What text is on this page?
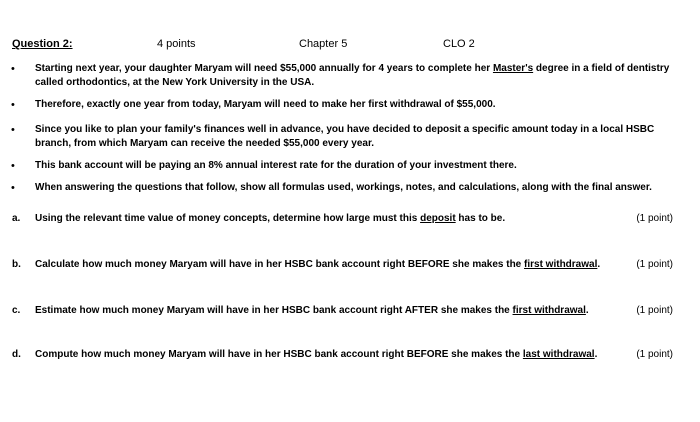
Question 2:	4 points	Chapter 5	CLO 2
• Starting next year, your daughter Maryam will need $55,000 annually for 4 years to complete her Master's degree in a field of dentistry called orthodontics, at the New York University in the USA.
• Therefore, exactly one year from today, Maryam will need to make her first withdrawal of $55,000.
• Since you like to plan your family's finances well in advance, you have decided to deposit a specific amount today in a local HSBC branch, from which Maryam can receive the needed $55,000 every year.
• This bank account will be paying an 8% annual interest rate for the duration of your investment there.
• When answering the questions that follow, show all formulas used, workings, notes, and calculations, along with the final answer.
a. Using the relevant time value of money concepts, determine how large must this deposit has to be.	(1 point)
b. Calculate how much money Maryam will have in her HSBC bank account right BEFORE she makes the first withdrawal.	(1 point)
c. Estimate how much money Maryam will have in her HSBC bank account right AFTER she makes the first withdrawal.	(1 point)
d. Compute how much money Maryam will have in her HSBC bank account right BEFORE she makes the last withdrawal.	(1 point)
